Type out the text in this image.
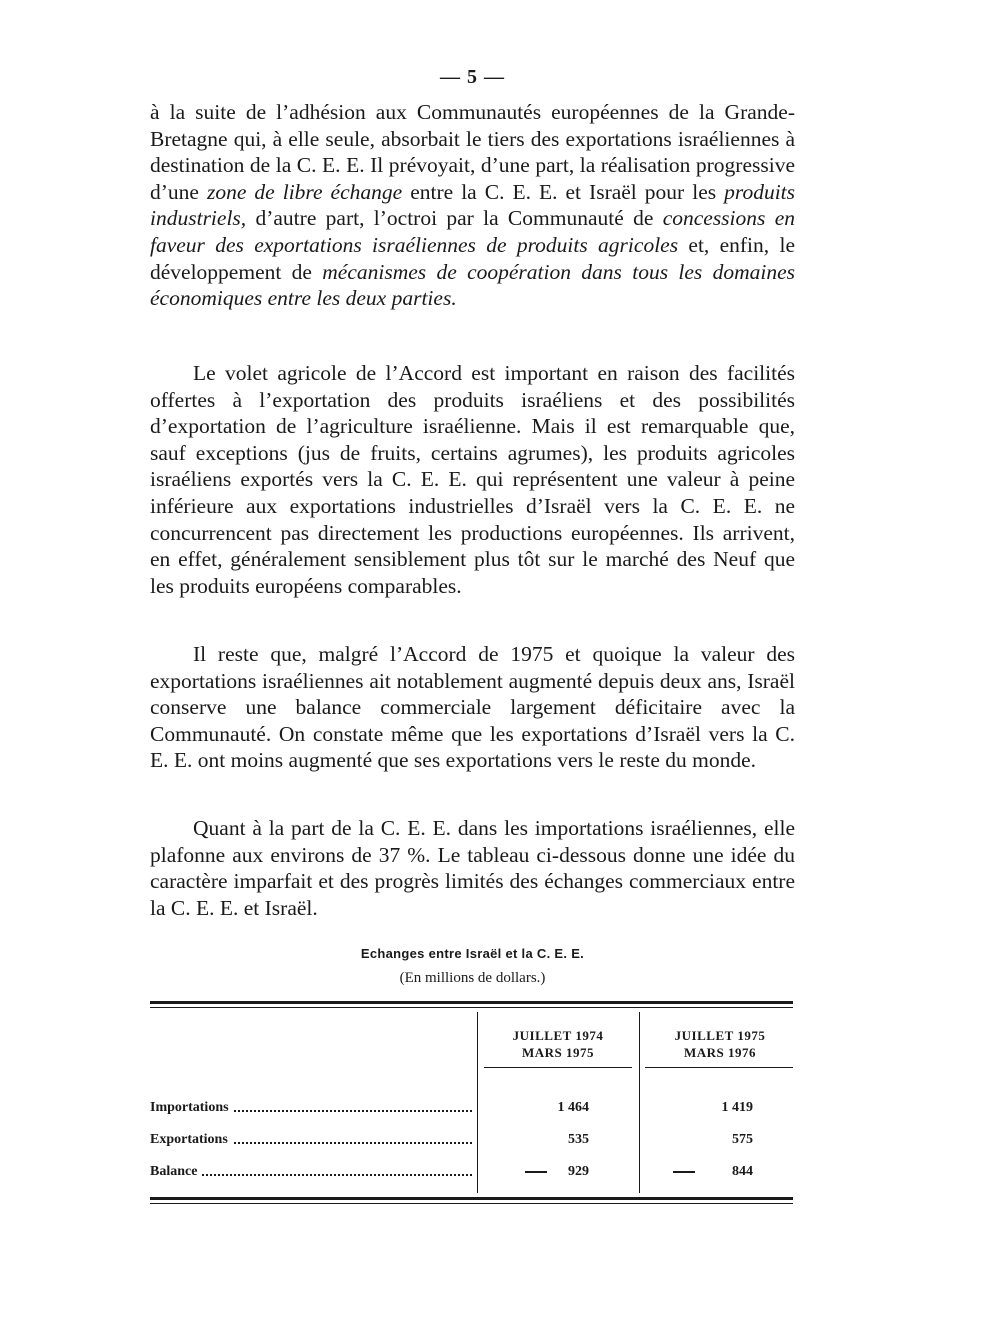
— 5 —

à la suite de l’adhésion aux Communautés européennes de la Grande-Bretagne qui, à elle seule, absorbait le tiers des exportations israéliennes à destination de la C. E. E. Il prévoyait, d’une part, la réalisation progressive d’une zone de libre échange entre la C. E. E. et Israël pour les produits industriels, d’autre part, l’octroi par la Communauté de concessions en faveur des exportations israéliennes de produits agricoles et, enfin, le développement de mécanismes de coopération dans tous les domaines économiques entre les deux parties.

Le volet agricole de l’Accord est important en raison des facilités offertes à l’exportation des produits israéliens et des possibilités d’exportation de l’agriculture israélienne. Mais il est remarquable que, sauf exceptions (jus de fruits, certains agrumes), les produits agricoles israéliens exportés vers la C. E. E. qui représentent une valeur à peine inférieure aux exportations industrielles d’Israël vers la C. E. E. ne concurrencent pas directement les productions européennes. Ils arrivent, en effet, généralement sensiblement plus tôt sur le marché des Neuf que les produits européens comparables.

Il reste que, malgré l’Accord de 1975 et quoique la valeur des exportations israéliennes ait notablement augmenté depuis deux ans, Israël conserve une balance commerciale largement déficitaire avec la Communauté. On constate même que les exportations d’Israël vers la C. E. E. ont moins augmenté que ses exportations vers le reste du monde.

Quant à la part de la C. E. E. dans les importations israéliennes, elle plafonne aux environs de 37 %. Le tableau ci-dessous donne une idée du caractère imparfait et des progrès limités des échanges commerciaux entre la C. E. E. et Israël.

Echanges entre Israël et la C. E. E.
(En millions de dollars.)
JUILLET 1974
MARS 1975
JUILLET 1975
MARS 1976
Importations	1 464	1 419
Exportations	535	575
Balance	929	844
